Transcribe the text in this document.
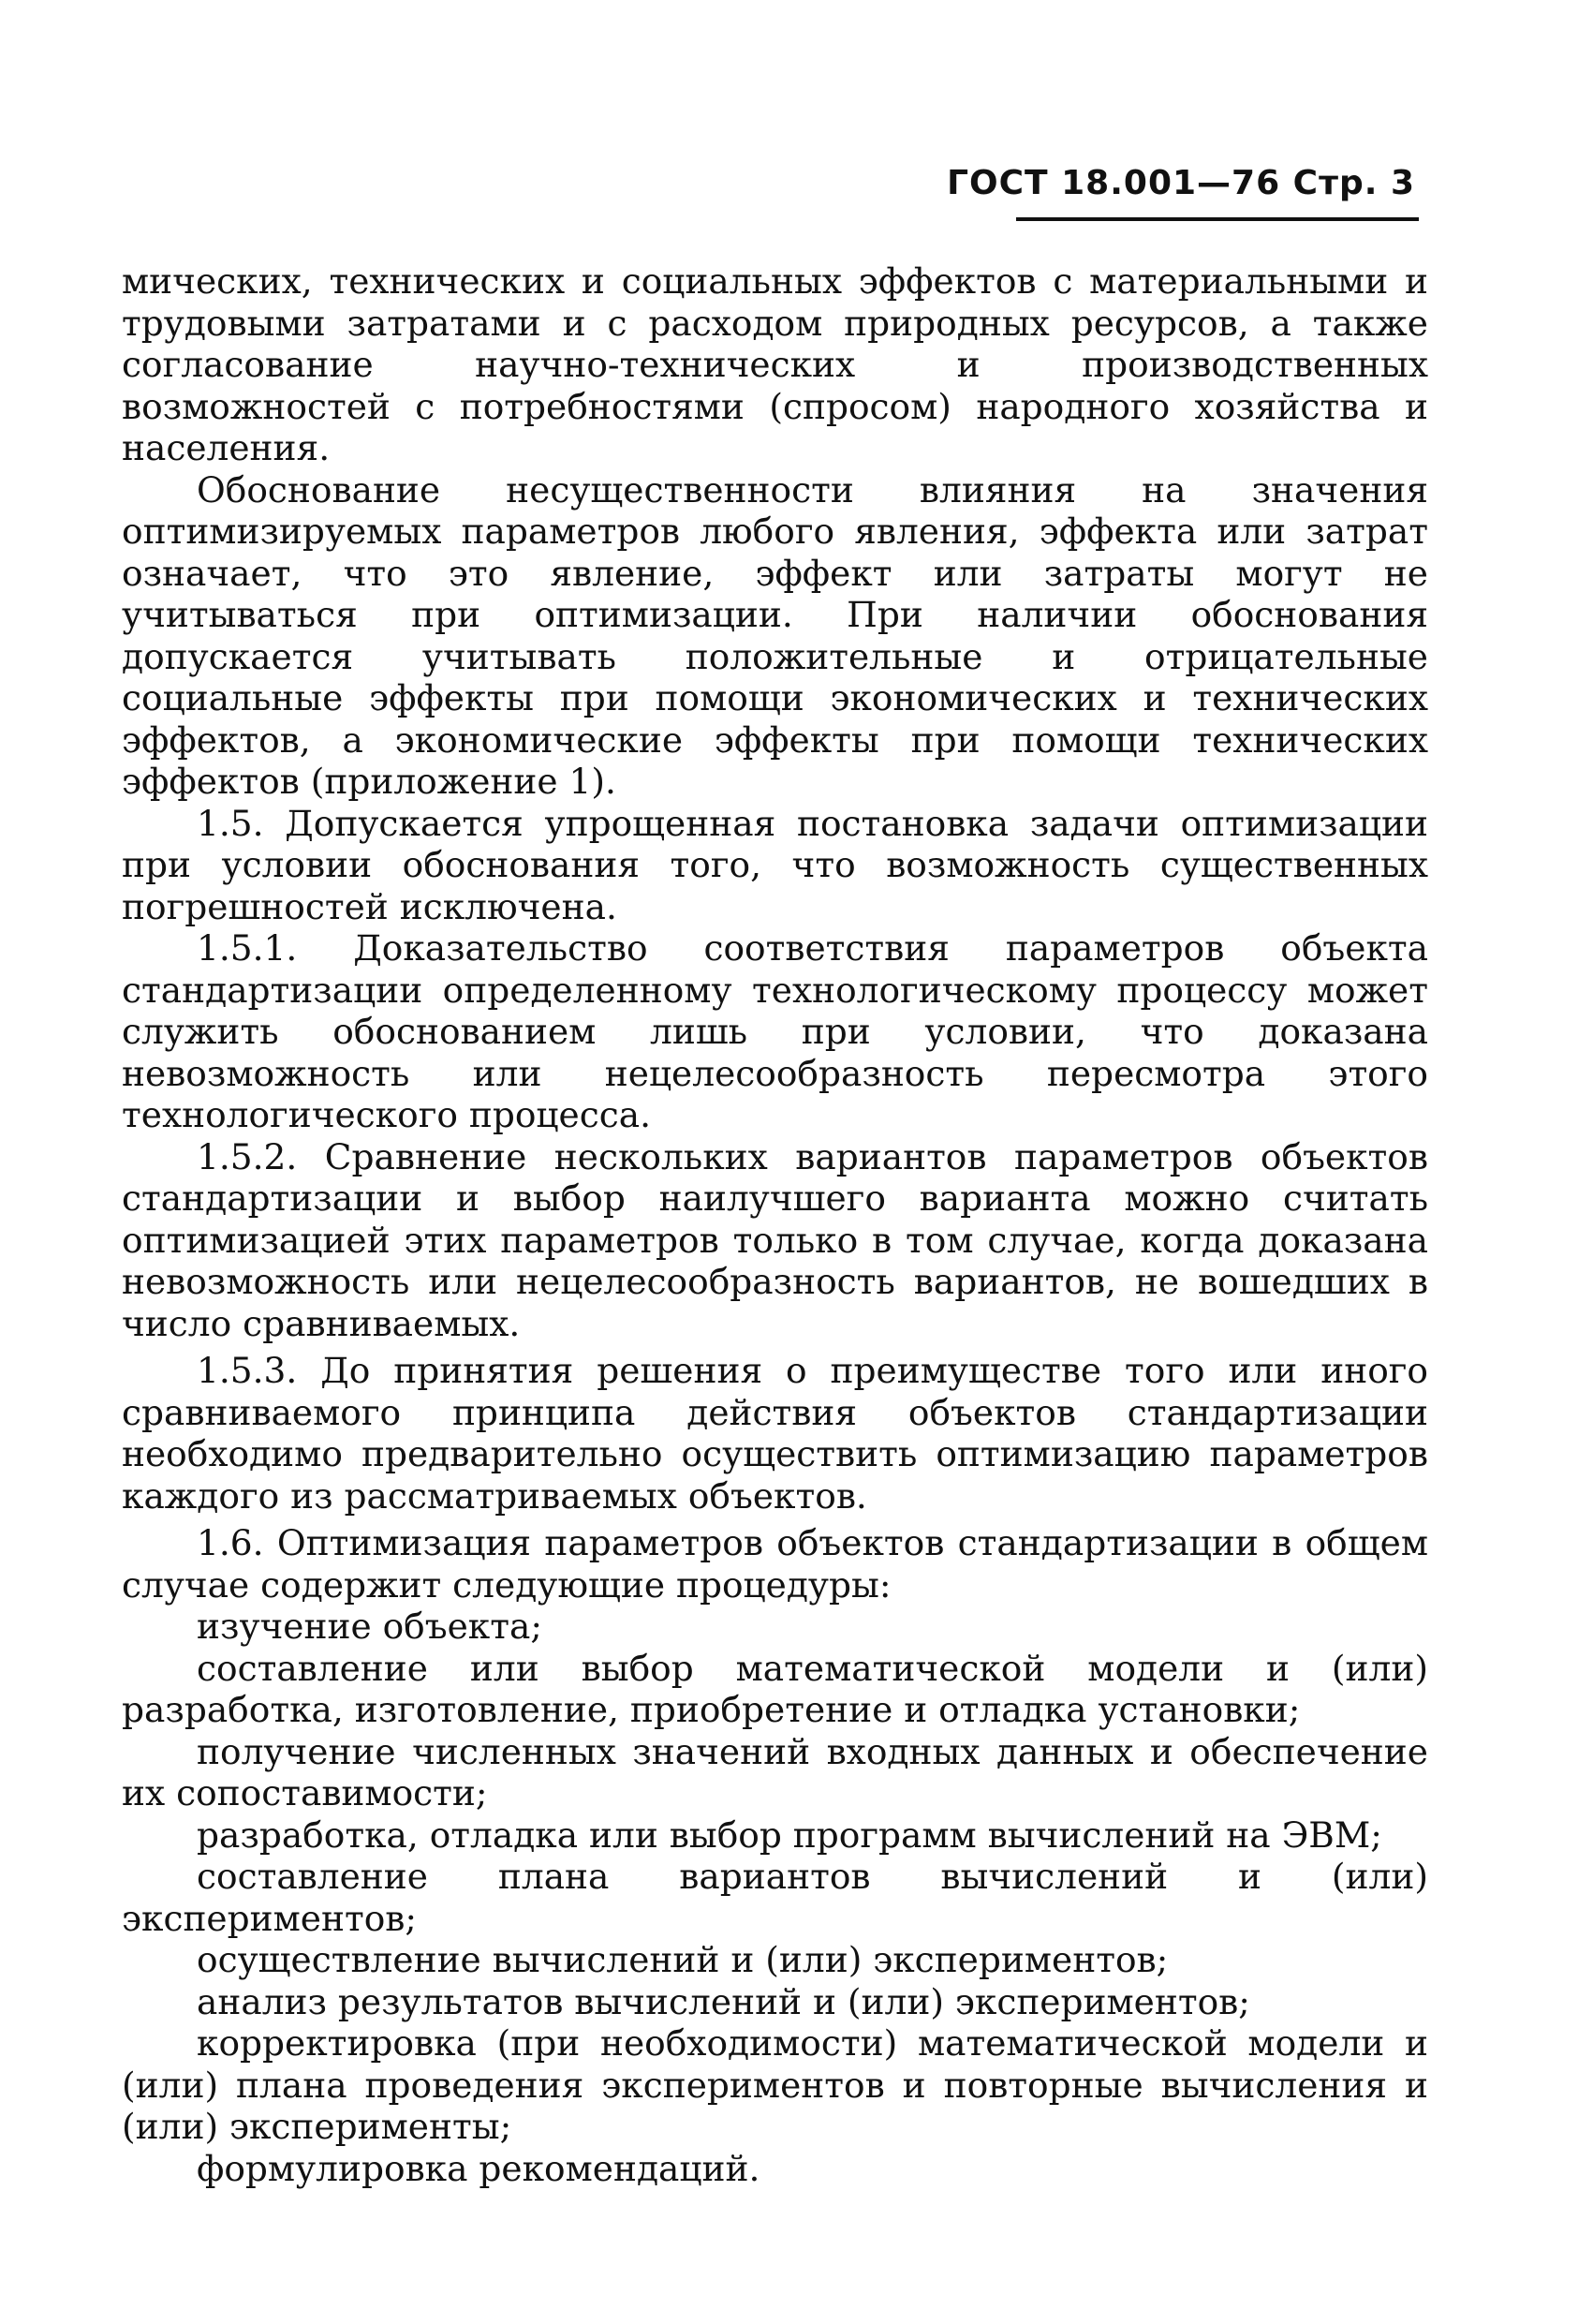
ГОСТ 18.001—76 Стр. 3

мических, технических и социальных эффектов с материальными и трудовыми затратами и с расходом природных ресурсов, а также согласование научно-технических и производственных возможностей с потребностями (спросом) народного хозяйства и населения.

Обоснование несущественности влияния на значения оптимизируемых параметров любого явления, эффекта или затрат означает, что это явление, эффект или затраты могут не учитываться при оптимизации. При наличии обоснования допускается учитывать положительные и отрицательные социальные эффекты при помощи экономических и технических эффектов, а экономические эффекты при помощи технических эффектов (приложение 1).

1.5. Допускается упрощенная постановка задачи оптимизации при условии обоснования того, что возможность существенных погрешностей исключена.

1.5.1. Доказательство соответствия параметров объекта стандартизации определенному технологическому процессу может служить обоснованием лишь при условии, что доказана невозможность или нецелесообразность пересмотра этого технологического процесса.

1.5.2. Сравнение нескольких вариантов параметров объектов стандартизации и выбор наилучшего варианта можно считать оптимизацией этих параметров только в том случае, когда доказана невозможность или нецелесообразность вариантов, не вошедших в число сравниваемых.

1.5.3. До принятия решения о преимуществе того или иного сравниваемого принципа действия объектов стандартизации необходимо предварительно осуществить оптимизацию параметров каждого из рассматриваемых объектов.

1.6. Оптимизация параметров объектов стандартизации в общем случае содержит следующие процедуры:

изучение объекта;

составление или выбор математической модели и (или) разработка, изготовление, приобретение и отладка установки;

получение численных значений входных данных и обеспечение их сопоставимости;

разработка, отладка или выбор программ вычислений на ЭВМ;

составление плана вариантов вычислений и (или) экспериментов;

осуществление вычислений и (или) экспериментов;

анализ результатов вычислений и (или) экспериментов;

корректировка (при необходимости) математической модели и (или) плана проведения экспериментов и повторные вычисления и (или) эксперименты;

формулировка рекомендаций.
